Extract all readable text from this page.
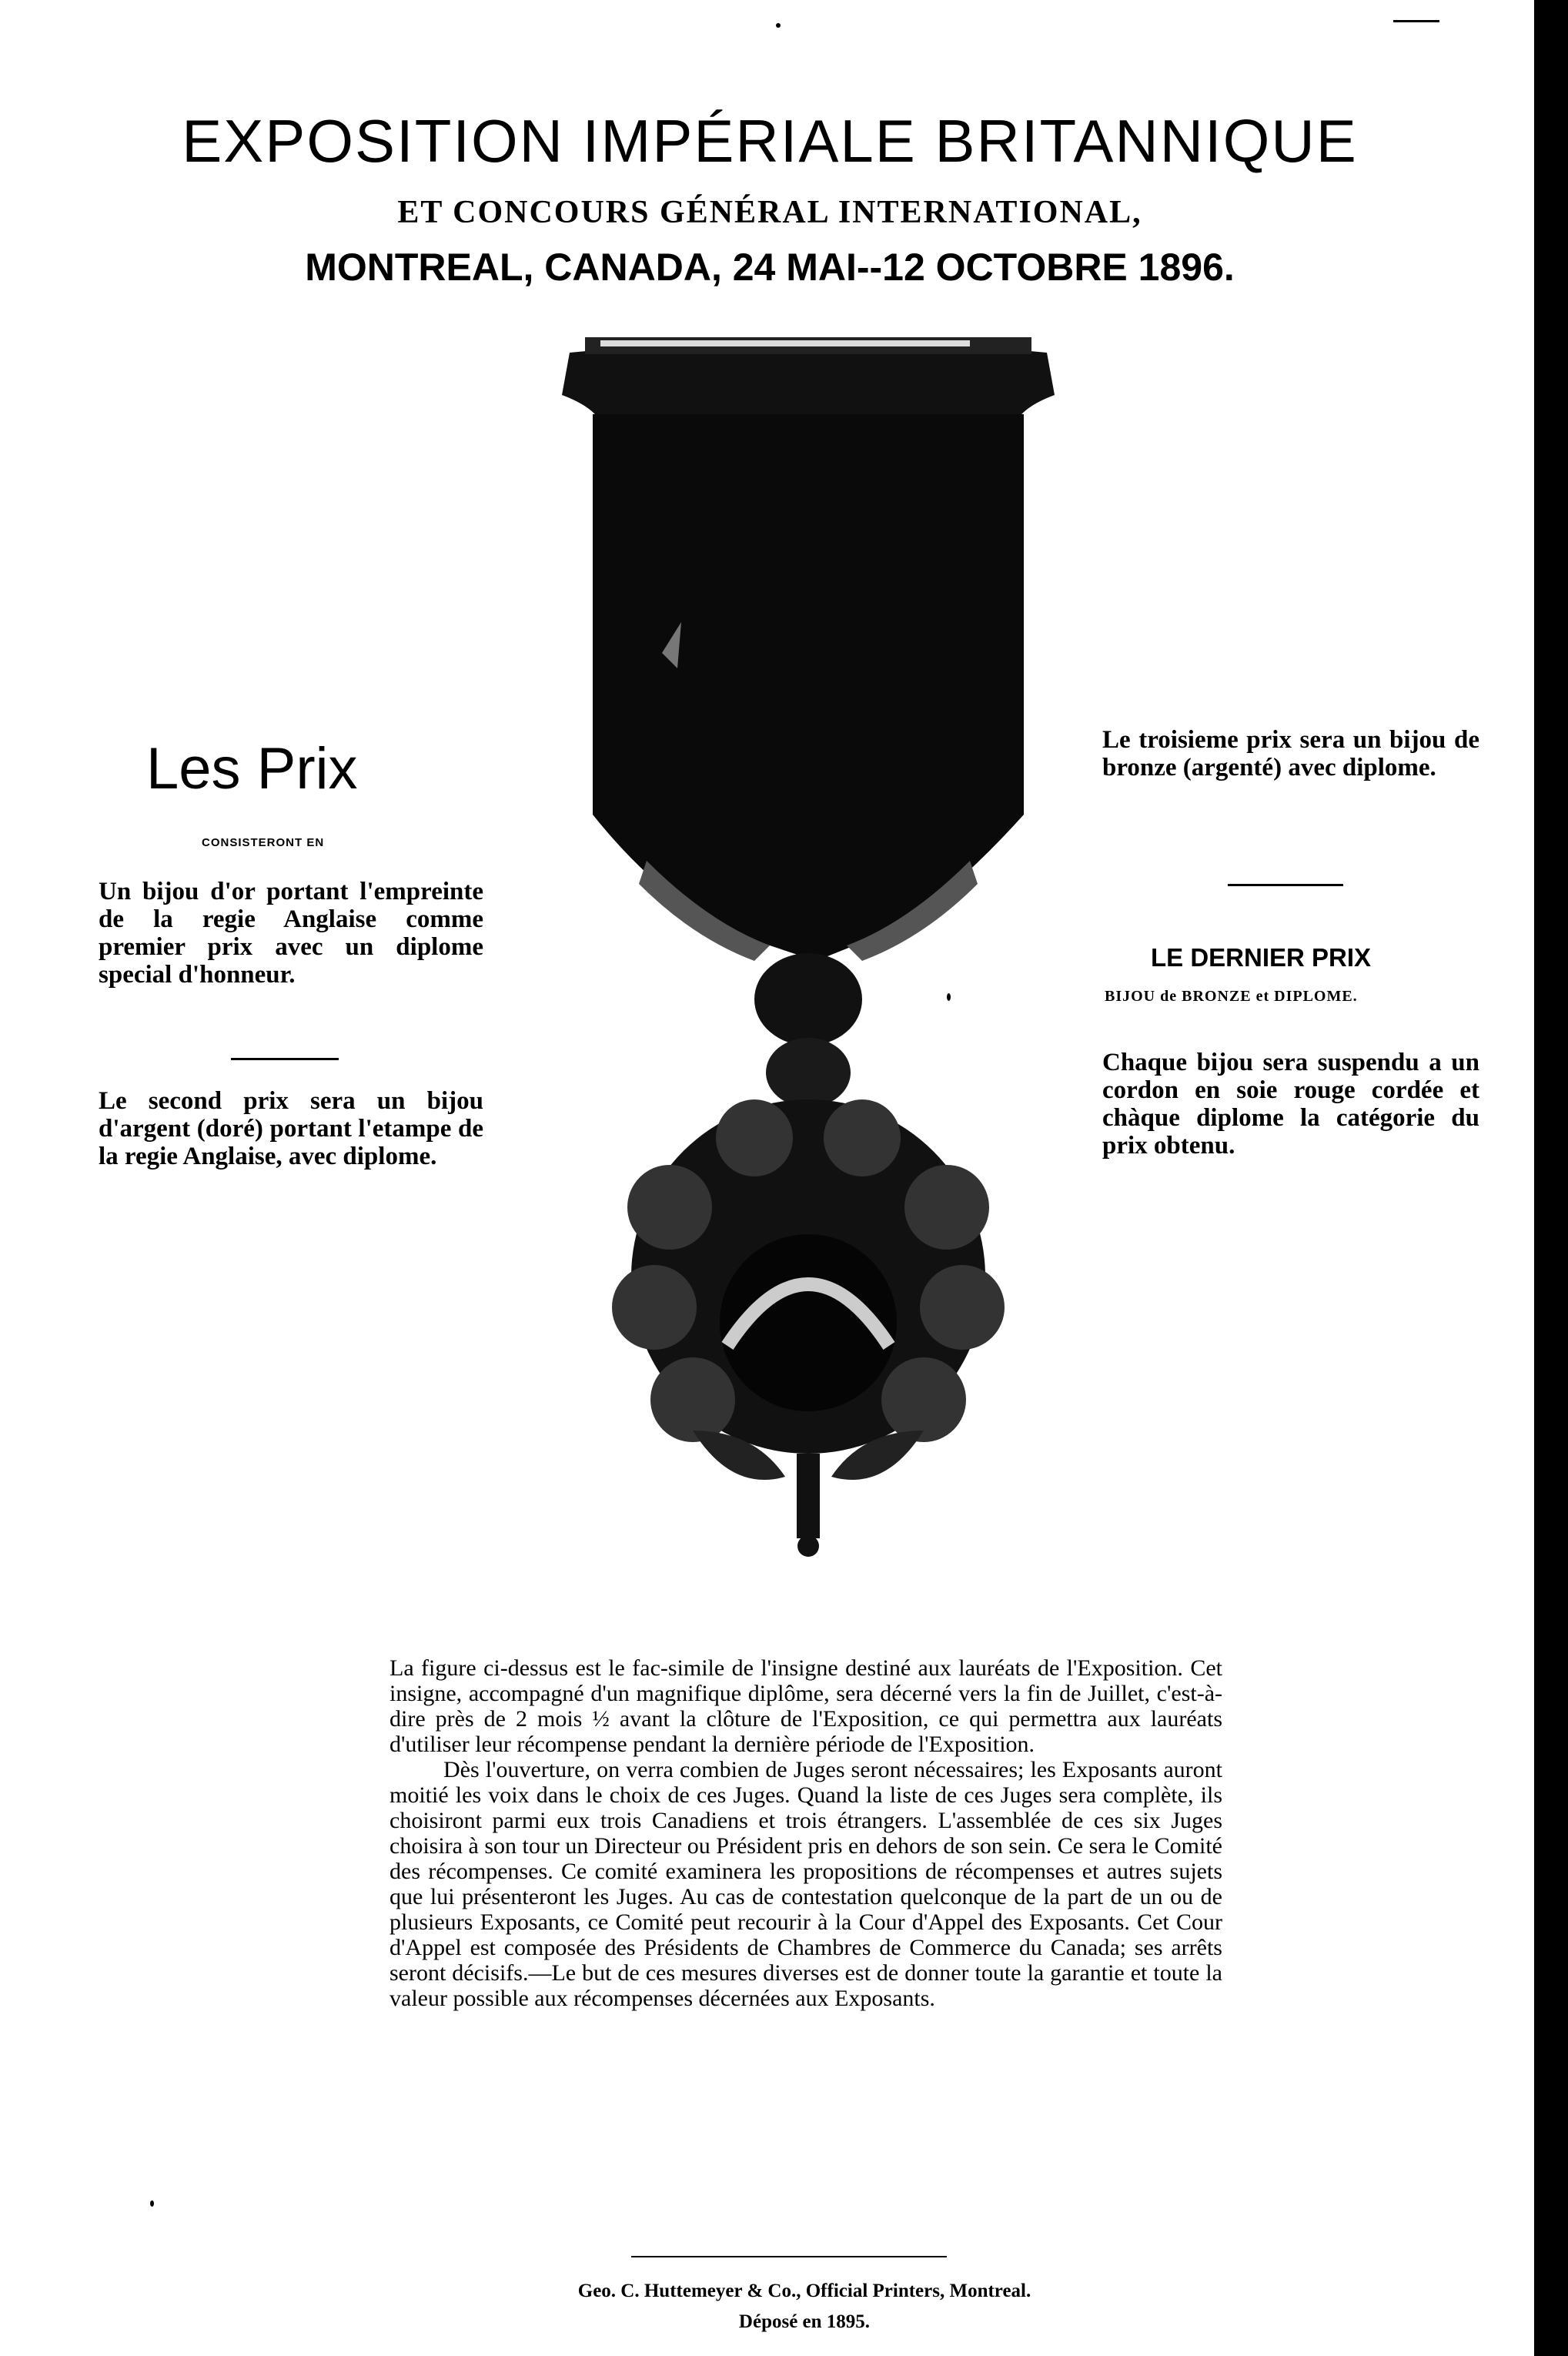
EXPOSITION IMPÉRIALE BRITANNIQUE
ET CONCOURS GÉNÉRAL INTERNATIONAL,
MONTREAL, CANADA, 24 MAI--12 OCTOBRE 1896.
Les Prix
CONSISTERONT EN
Un bijou d'or portant l'empreinte de la regie Anglaise comme premier prix avec un diplome special d'honneur.
Le second prix sera un bijou d'argent (doré) portant l'etampe de la regie Anglaise, avec diplome.
Le troisieme prix sera un bijou de bronze (argenté) avec diplome.
LE DERNIER PRIX
BIJOU de BRONZE et DIPLOME.
Chaque bijou sera suspendu a un cordon en soie rouge cordée et chàque diplome la catégorie du prix obtenu.

La figure ci-dessus est le fac-simile de l'insigne destiné aux lauréats de l'Exposition. Cet insigne, accompagné d'un magnifique diplôme, sera décerné vers la fin de Juillet, c'est-à-dire près de 2 mois ½ avant la clôture de l'Exposition, ce qui permettra aux lauréats d'utiliser leur récompense pendant la dernière période de l'Exposition.

Dès l'ouverture, on verra combien de Juges seront nécessaires; les Exposants auront moitié les voix dans le choix de ces Juges. Quand la liste de ces Juges sera complète, ils choisiront parmi eux trois Canadiens et trois étrangers. L'assemblée de ces six Juges choisira à son tour un Directeur ou Président pris en dehors de son sein. Ce sera le Comité des récompenses. Ce comité examinera les propositions de récompenses et autres sujets que lui présenteront les Juges. Au cas de contestation quelconque de la part de un ou de plusieurs Exposants, ce Comité peut recourir à la Cour d'Appel des Exposants. Cet Cour d'Appel est composée des Présidents de Chambres de Commerce du Canada; ses arrêts seront décisifs.—Le but de ces mesures diverses est de donner toute la garantie et toute la valeur possible aux récompenses décernées aux Exposants.

Geo. C. Huttemeyer & Co., Official Printers, Montreal.
Déposé en 1895.
